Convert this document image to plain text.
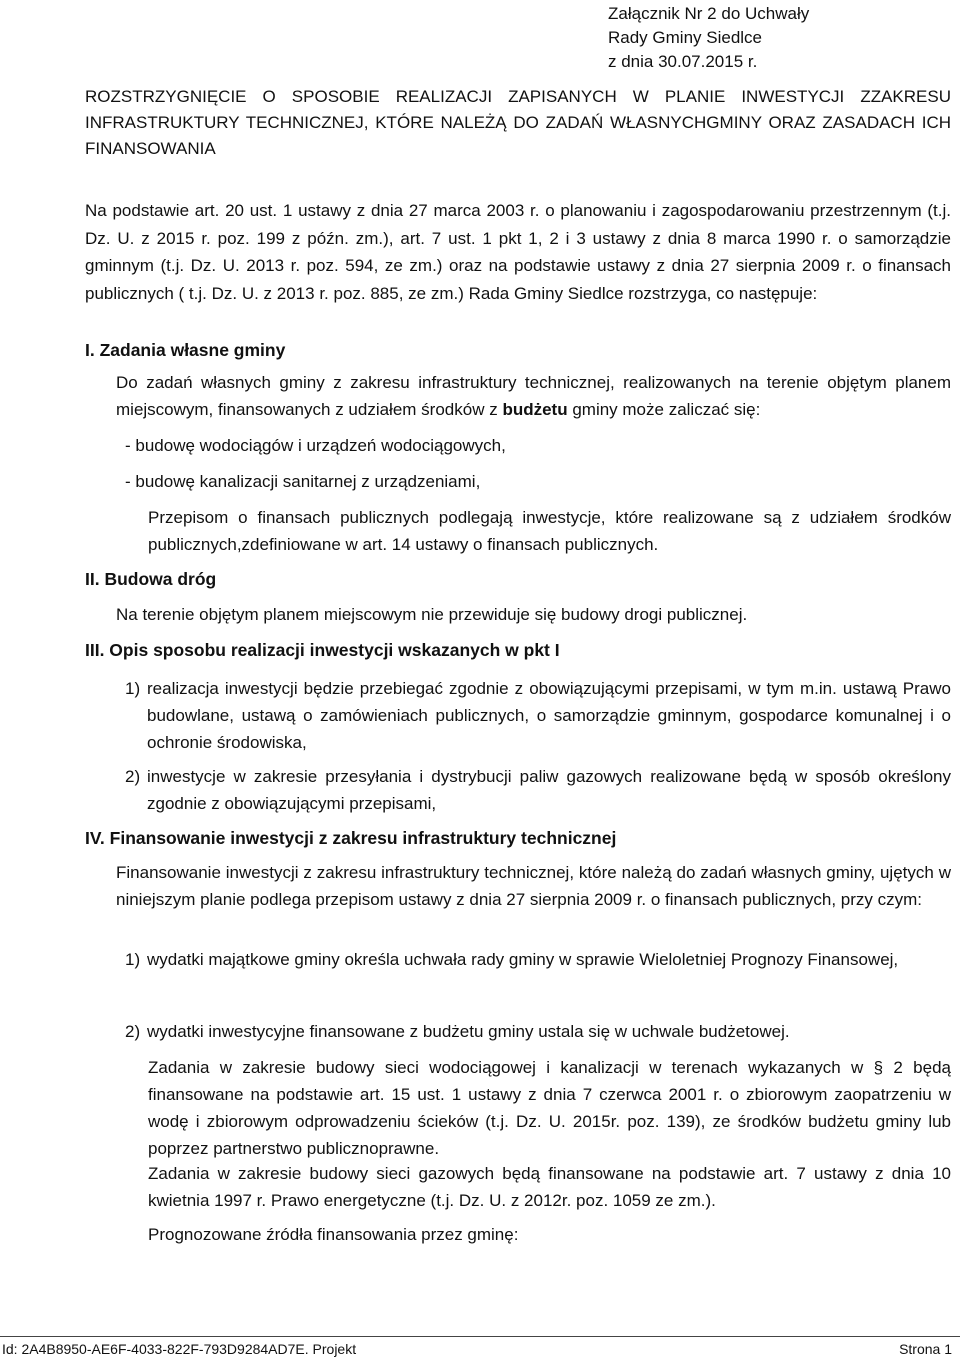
Załącznik Nr 2 do Uchwały
Rady Gminy Siedlce
z dnia 30.07.2015 r.
ROZSTRZYGNIĘCIE O SPOSOBIE REALIZACJI ZAPISANYCH W PLANIE INWESTYCJI ZZAKRESU INFRASTRUKTURY TECHNICZNEJ, KTÓRE NALEŻĄ DO ZADAŃ WŁASNYCHGMINY ORAZ ZASADACH ICH FINANSOWANIA
Na podstawie art. 20 ust. 1 ustawy z dnia 27 marca 2003 r. o planowaniu i zagospodarowaniu przestrzennym (t.j. Dz. U. z 2015 r. poz. 199 z późn. zm.), art. 7 ust. 1 pkt 1, 2 i 3 ustawy z dnia 8 marca 1990 r. o samorządzie gminnym (t.j. Dz. U. 2013 r. poz. 594, ze zm.) oraz na podstawie ustawy z dnia 27 sierpnia 2009 r. o finansach publicznych ( t.j. Dz. U. z 2013 r. poz. 885, ze zm.) Rada Gminy Siedlce rozstrzyga, co następuje:
I. Zadania własne gminy
Do zadań własnych gminy z zakresu infrastruktury technicznej, realizowanych na terenie objętym planem miejscowym, finansowanych z udziałem środków z budżetu gminy może zaliczać się:
- budowę wodociągów i urządzeń wodociągowych,
- budowę kanalizacji sanitarnej z urządzeniami,
Przepisom o finansach publicznych podlegają inwestycje, które realizowane są z udziałem środków publicznych,zdefiniowane w art. 14 ustawy o finansach publicznych.
II. Budowa dróg
Na terenie objętym planem miejscowym nie przewiduje się budowy drogi publicznej.
III. Opis sposobu realizacji inwestycji wskazanych w pkt I
1) realizacja inwestycji będzie przebiegać zgodnie z obowiązującymi przepisami, w tym m.in. ustawą Prawo budowlane, ustawą o zamówieniach publicznych, o samorządzie gminnym, gospodarce komunalnej i o ochronie środowiska,
2) inwestycje w zakresie przesyłania i dystrybucji paliw gazowych realizowane będą w sposób określony zgodnie z obowiązującymi przepisami,
IV. Finansowanie inwestycji z zakresu infrastruktury technicznej
Finansowanie inwestycji z zakresu infrastruktury technicznej, które należą do zadań własnych gminy, ujętych w niniejszym planie podlega przepisom ustawy z dnia 27 sierpnia 2009 r. o finansach publicznych, przy czym:
1) wydatki majątkowe gminy określa uchwała rady gminy w sprawie Wieloletniej Prognozy Finansowej,
2) wydatki inwestycyjne finansowane z budżetu gminy ustala się w uchwale budżetowej.
Zadania w zakresie budowy sieci wodociągowej i kanalizacji w terenach wykazanych w § 2 będą finansowane na podstawie art. 15 ust. 1 ustawy z dnia 7 czerwca 2001 r. o zbiorowym zaopatrzeniu w wodę i zbiorowym odprowadzeniu ścieków (t.j. Dz. U. 2015r. poz. 139), ze środków budżetu gminy lub poprzez partnerstwo publicznoprawne.
Zadania w zakresie budowy sieci gazowych będą finansowane na podstawie art. 7 ustawy z dnia 10 kwietnia 1997 r. Prawo energetyczne (t.j. Dz. U. z 2012r. poz. 1059 ze zm.).
Prognozowane źródła finansowania przez gminę:
Id: 2A4B8950-AE6F-4033-822F-793D9284AD7E. Projekt	Strona 1
